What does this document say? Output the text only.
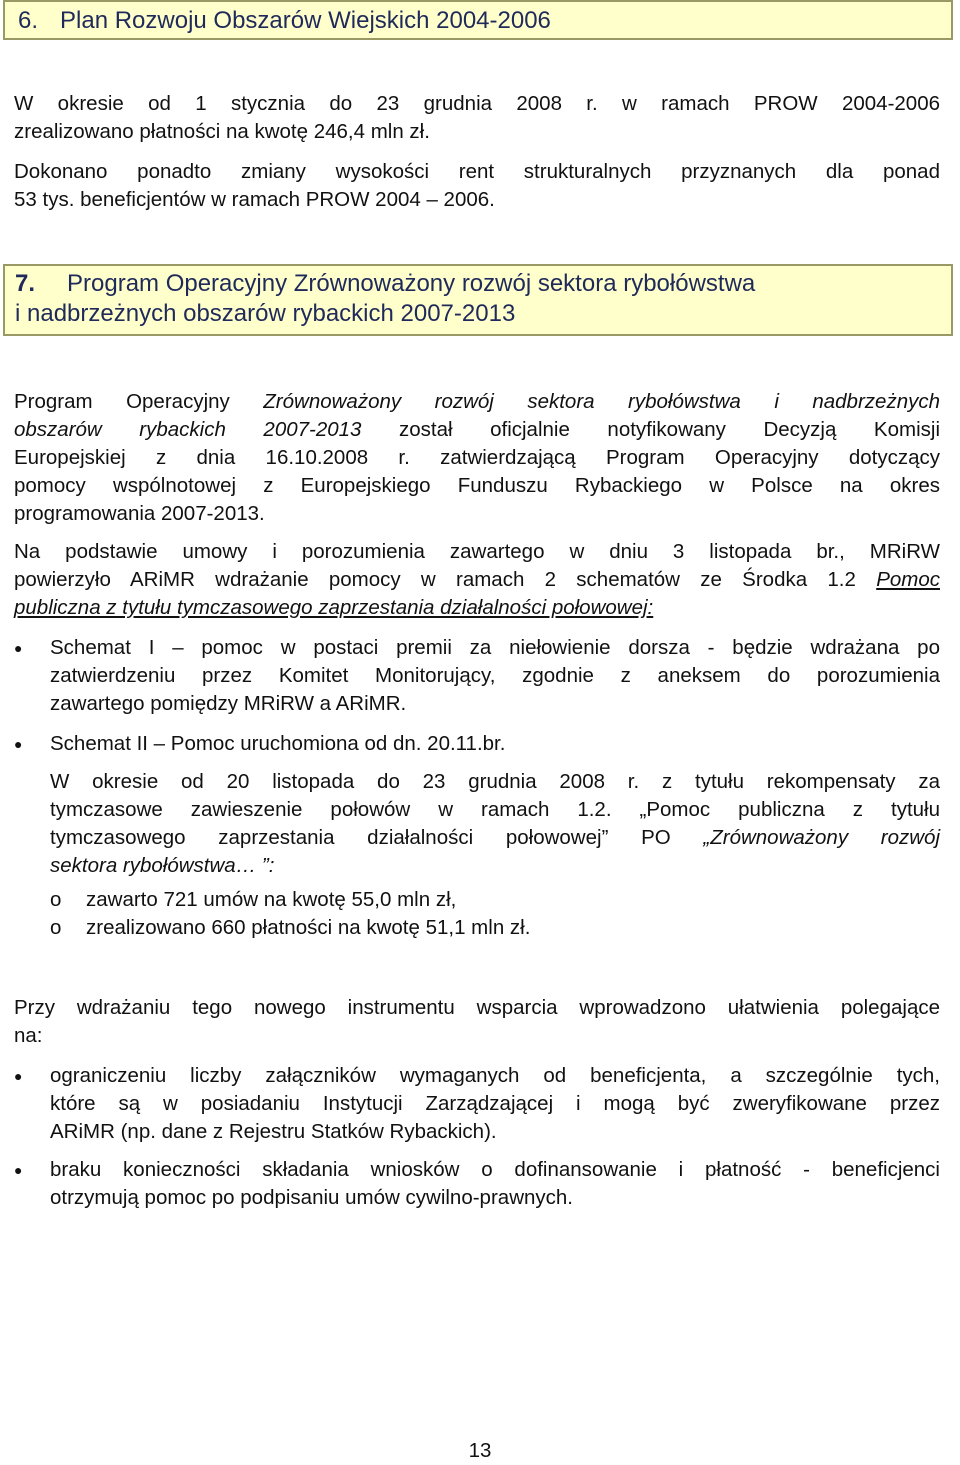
6. Plan Rozwoju Obszarów Wiejskich 2004-2006
W okresie od 1 stycznia do 23 grudnia 2008 r. w ramach PROW 2004-2006
zrealizowano płatności na kwotę 246,4 mln zł.
Dokonano ponadto zmiany wysokości rent strukturalnych przyznanych dla ponad
53 tys. beneficjentów w ramach PROW 2004 – 2006.
7. Program Operacyjny Zrównoważony rozwój sektora rybołówstwa
i nadbrzeżnych obszarów rybackich 2007-2013
Program Operacyjny Zrównoważony rozwój sektora rybołówstwa i nadbrzeżnych
obszarów rybackich 2007-2013 został oficjalnie notyfikowany Decyzją Komisji
Europejskiej z dnia 16.10.2008 r. zatwierdzającą Program Operacyjny dotyczący
pomocy wspólnotowej z Europejskiego Funduszu Rybackiego w Polsce na okres
programowania 2007-2013.
Na podstawie umowy i porozumienia zawartego w dniu 3 listopada br., MRiRW
powierzyło ARiMR wdrażanie pomocy w ramach 2 schematów ze Środka 1.2 Pomoc
publiczna z tytułu tymczasowego zaprzestania działalności połowowej:
●	Schemat I – pomoc w postaci premii za niełowienie dorsza - będzie wdrażana po
zatwierdzeniu przez Komitet Monitorujący, zgodnie z aneksem do porozumienia
zawartego pomiędzy MRiRW a ARiMR.
●	Schemat II – Pomoc uruchomiona od dn. 20.11.br.
W okresie od 20 listopada do 23 grudnia 2008 r. z tytułu rekompensaty za
tymczasowe zawieszenie połowów w ramach 1.2. „Pomoc publiczna z tytułu
tymczasowego zaprzestania działalności połowowej” PO „Zrównoważony rozwój
sektora rybołówstwa… ”:
o zawarto 721 umów na kwotę 55,0 mln zł,
o zrealizowano 660 płatności na kwotę 51,1 mln zł.
Przy wdrażaniu tego nowego instrumentu wsparcia wprowadzono ułatwienia polegające
na:
●	ograniczeniu liczby załączników wymaganych od beneficjenta, a szczególnie tych,
które są w posiadaniu Instytucji Zarządzającej i mogą być zweryfikowane przez
ARiMR (np. dane z Rejestru Statków Rybackich).
●	braku konieczności składania wniosków o dofinansowanie i płatność - beneficjenci
otrzymują pomoc po podpisaniu umów cywilno-prawnych.
13
